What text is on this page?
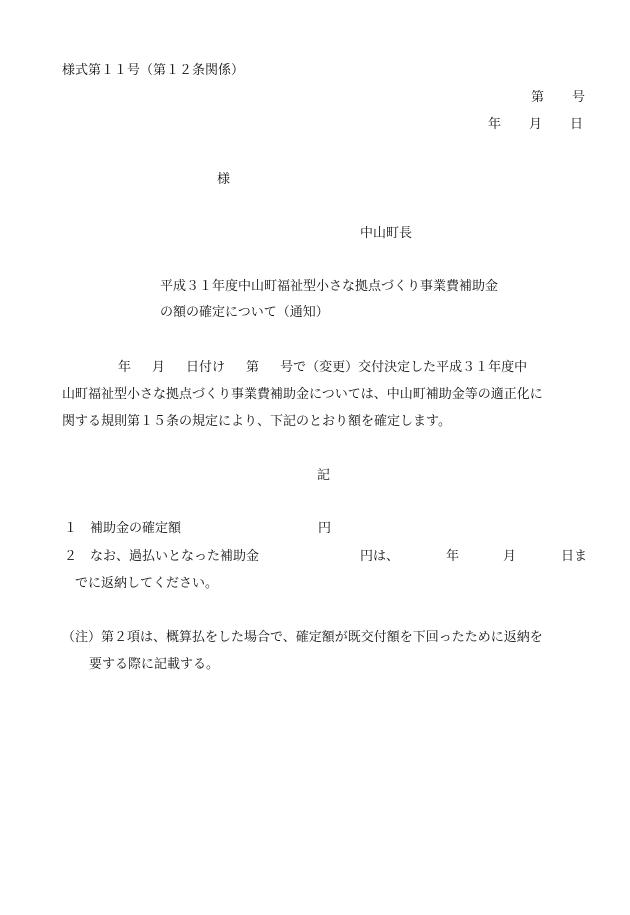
様式第１１号（第１２条関係）
第 号
年 月 日
様
中山町長
平成３１年度中山町福祉型小さな拠点づくり事業費補助金
の額の確定について（通知）
年 月 日付け 第 号で（変更）交付決定した平成３１年度中
山町福祉型小さな拠点づくり事業費補助金については、中山町補助金等の適正化に
関する規則第１５条の規定により、下記のとおり額を確定します。
記
１ 補助金の確定額	円
２ なお、過払いとなった補助金	円は、	年	月	日ま
でに返納してください。
（注）第２項は、概算払をした場合で、確定額が既交付額を下回ったために返納を
要する際に記載する。
